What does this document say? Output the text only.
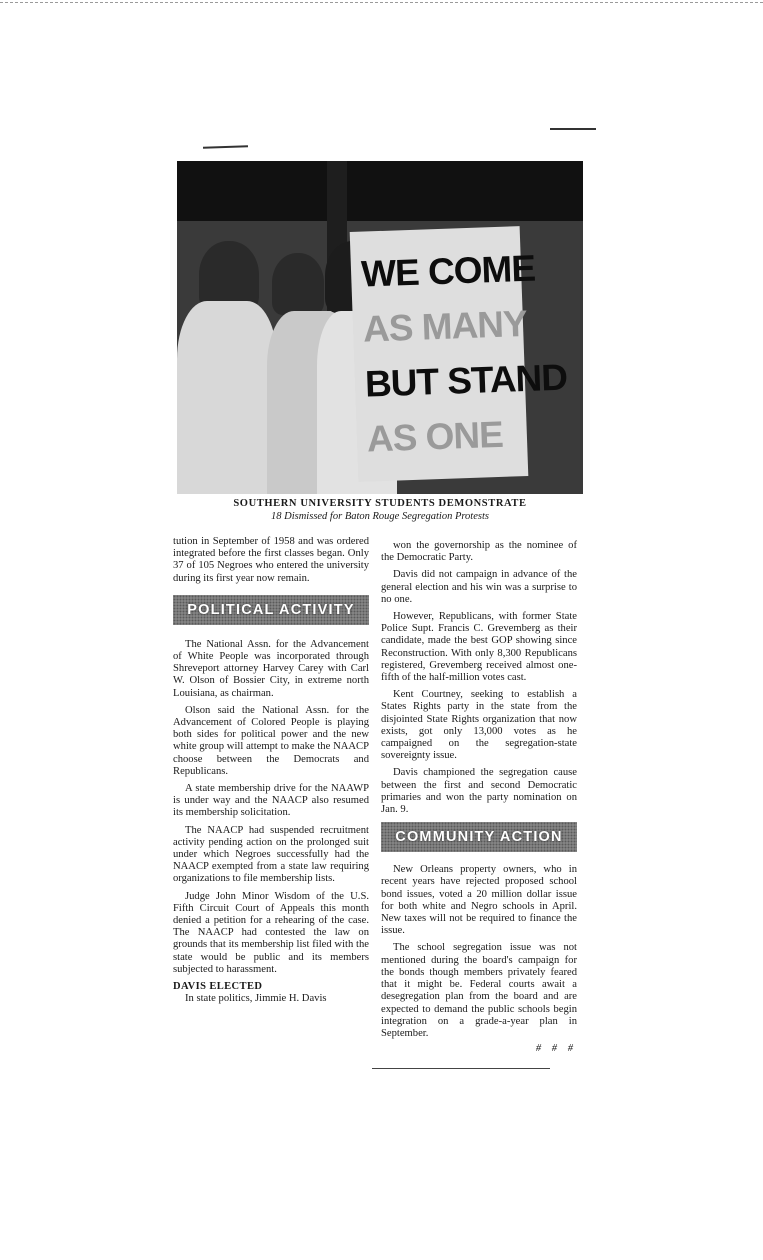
WE COME
AS MANY
BUT STAND
AS ONE
SOUTHERN UNIVERSITY STUDENTS DEMONSTRATE
18 Dismissed for Baton Rouge Segregation Protests

tution in September of 1958 and was ordered integrated before the first classes began. Only 37 of 105 Negroes who entered the university during its first year now remain.

POLITICAL ACTIVITY

The National Assn. for the Advancement of White People was incorporated through Shreveport attorney Harvey Carey with Carl W. Olson of Bossier City, in extreme north Louisiana, as chairman.

Olson said the National Assn. for the Advancement of Colored People is playing both sides for political power and the new white group will attempt to make the NAACP choose between the Democrats and Republicans.

A state membership drive for the NAAWP is under way and the NAACP also resumed its membership solicitation.

The NAACP had suspended recruitment activity pending action on the prolonged suit under which Negroes successfully had the NAACP exempted from a state law requiring organizations to file membership lists.

Judge John Minor Wisdom of the U.S. Fifth Circuit Court of Appeals this month denied a petition for a rehearing of the case. The NAACP had contested the law on grounds that its membership list filed with the state would be public and its members subjected to harassment.

DAVIS ELECTED

In state politics, Jimmie H. Davis

won the governorship as the nominee of the Democratic Party.

Davis did not campaign in advance of the general election and his win was a surprise to no one.

However, Republicans, with former State Police Supt. Francis C. Grevemberg as their candidate, made the best GOP showing since Reconstruction. With only 8,300 Republicans registered, Grevemberg received almost one-fifth of the half-million votes cast.

Kent Courtney, seeking to establish a States Rights party in the state from the disjointed State Rights organization that now exists, got only 13,000 votes as he campaigned on the segregation-state sovereignty issue.

Davis championed the segregation cause between the first and second Democratic primaries and won the party nomination on Jan. 9.

COMMUNITY ACTION

New Orleans property owners, who in recent years have rejected proposed school bond issues, voted a 20 million dollar issue for both white and Negro schools in April. New taxes will not be required to finance the issue.

The school segregation issue was not mentioned during the board's campaign for the bonds though members privately feared that it might be. Federal courts await a desegregation plan from the board and are expected to demand the public schools begin integration on a grade-a-year plan in September.

# # #
